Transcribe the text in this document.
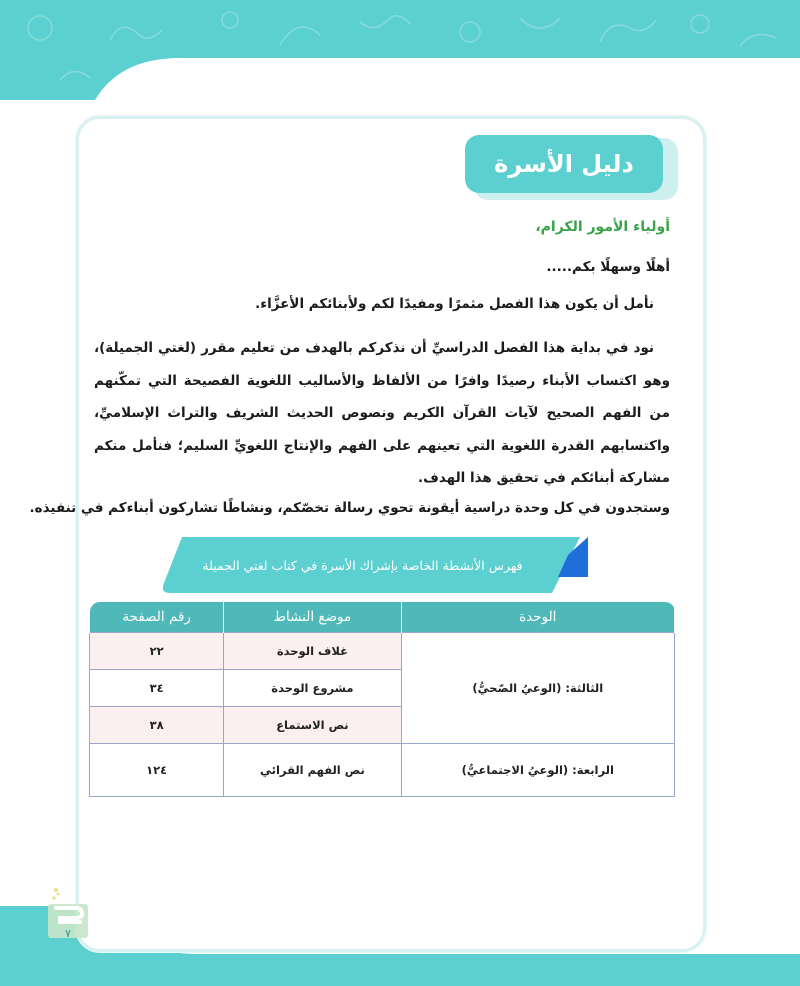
دليل الأسرة
أولياء الأمور الكرام،
أهلًا وسهلًا بكم.....
نأمل أن يكون هذا الفصل مثمرًا ومفيدًا لكم ولأبنائكم الأعزَّاء.

نود في بداية هذا الفصل الدراسيِّ أن نذكركم بالهدف من تعليم مقرر (لغتي الجميلة)، وهو اكتساب الأبناء رصيدًا وافرًا من الألفاظ والأساليب اللغوية الفصيحة التي تمكّنهم من الفهم الصحيح لآيات القرآن الكريم ونصوص الحديث الشريف والتراث الإسلاميِّ، واكتسابهم القدرة اللغوية التي تعينهم على الفهم والإنتاج اللغويِّ السليم؛ فنأمل منكم مشاركة أبنائكم في تحقيق هذا الهدف.

وستجدون في كل وحدة دراسية أيقونة تحوي رسالة تخصّكم، ونشاطًا تشاركون أبناءكم في تنفيذه.
فهرس الأنشطة الخاصة بإشراك الأسرة في كتاب لغتي الجميلة
الوحدة	موضع النشاط	رقم الصفحة
الثالثة: (الوعيُ الصّحيُّ)	غلاف الوحدة	٢٢
	مشروع الوحدة	٣٤
	نص الاستماع	٣٨
الرابعة: (الوعيُ الاجتماعيُّ)	نص الفهم القرائي	١٢٤
٧
